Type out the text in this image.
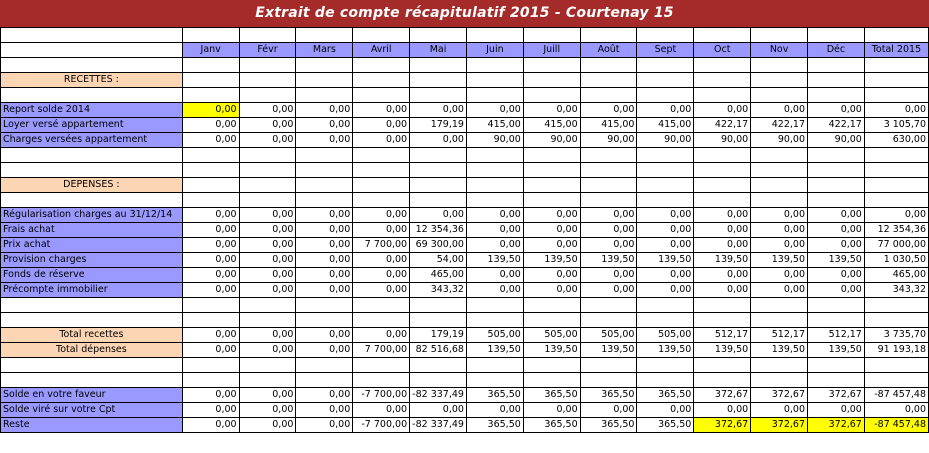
Extrait de compte récapitulatif 2015 - Courtenay 15

	Janv	Févr	Mars	Avril	Mai	Juin	Juill	Août	Sept	Oct	Nov	Déc	Total 2015

RECETTES :													

Report solde 2014	0,00	0,00	0,00	0,00	0,00	0,00	0,00	0,00	0,00	0,00	0,00	0,00	0,00
Loyer versé appartement	0,00	0,00	0,00	0,00	179,19	415,00	415,00	415,00	415,00	422,17	422,17	422,17	3 105,70
Charges versées appartement	0,00	0,00	0,00	0,00	0,00	90,00	90,00	90,00	90,00	90,00	90,00	90,00	630,00

DEPENSES :													

Régularisation charges au 31/12/14	0,00	0,00	0,00	0,00	0,00	0,00	0,00	0,00	0,00	0,00	0,00	0,00	0,00
Frais achat	0,00	0,00	0,00	0,00	12 354,36	0,00	0,00	0,00	0,00	0,00	0,00	0,00	12 354,36
Prix achat	0,00	0,00	0,00	7 700,00	69 300,00	0,00	0,00	0,00	0,00	0,00	0,00	0,00	77 000,00
Provision charges	0,00	0,00	0,00	0,00	54,00	139,50	139,50	139,50	139,50	139,50	139,50	139,50	1 030,50
Fonds de réserve	0,00	0,00	0,00	0,00	465,00	0,00	0,00	0,00	0,00	0,00	0,00	0,00	465,00
Précompte immobilier	0,00	0,00	0,00	0,00	343,32	0,00	0,00	0,00	0,00	0,00	0,00	0,00	343,32

Total recettes	0,00	0,00	0,00	0,00	179,19	505,00	505,00	505,00	505,00	512,17	512,17	512,17	3 735,70
Total dépenses	0,00	0,00	0,00	7 700,00	82 516,68	139,50	139,50	139,50	139,50	139,50	139,50	139,50	91 193,18

Solde en votre faveur	0,00	0,00	0,00	-7 700,00	-82 337,49	365,50	365,50	365,50	365,50	372,67	372,67	372,67	-87 457,48
Solde viré sur votre Cpt	0,00	0,00	0,00	0,00	0,00	0,00	0,00	0,00	0,00	0,00	0,00	0,00	0,00
Reste	0,00	0,00	0,00	-7 700,00	-82 337,49	365,50	365,50	365,50	365,50	372,67	372,67	372,67	-87 457,48
